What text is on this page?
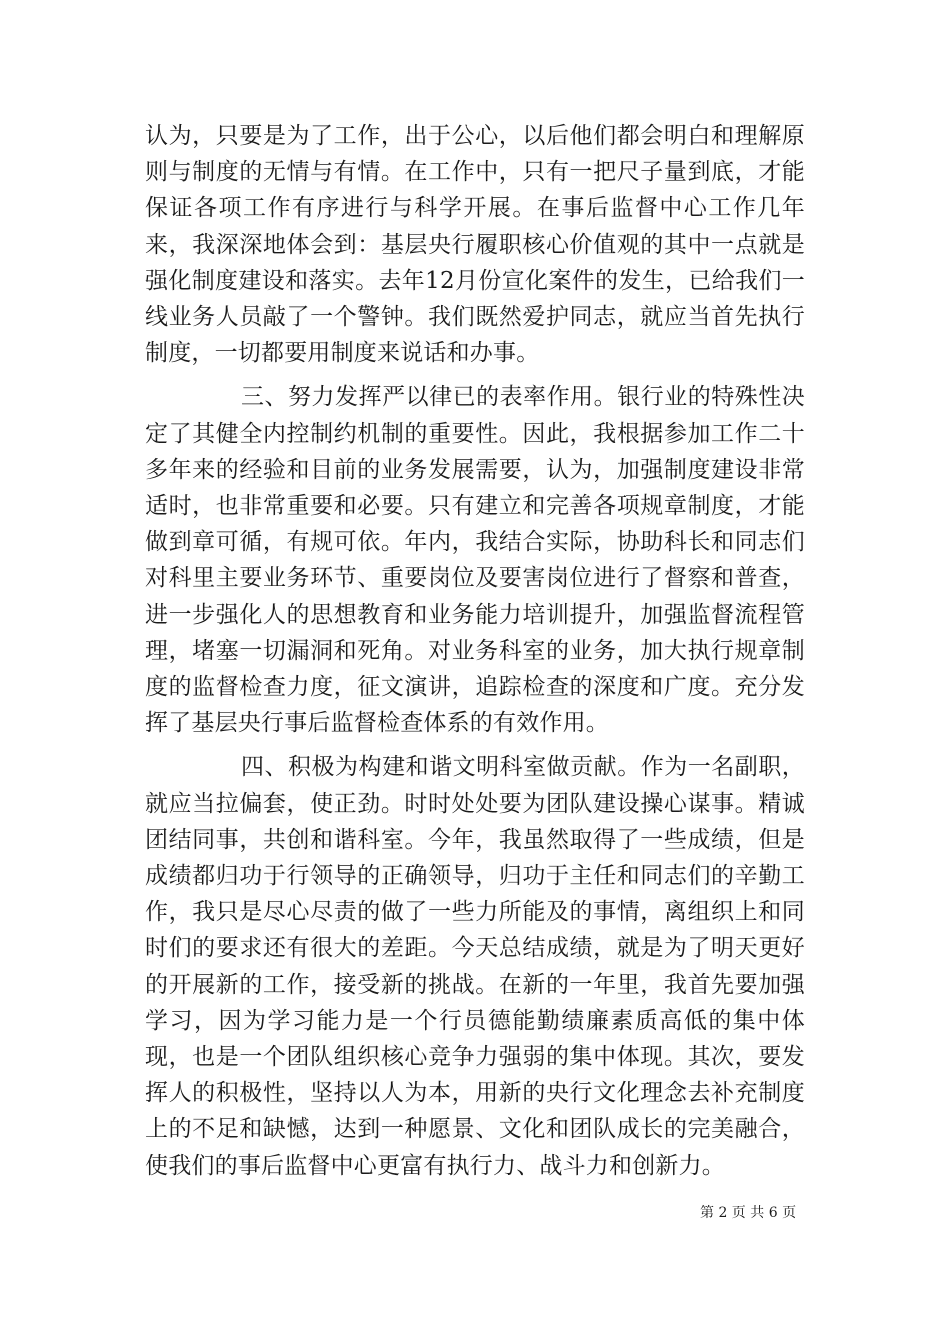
认为，只要是为了工作，出于公心，以后他们都会明白和理解原则与制度的无情与有情。在工作中，只有一把尺子量到底，才能保证各项工作有序进行与科学开展。在事后监督中心工作几年来，我深深地体会到：基层央行履职核心价值观的其中一点就是强化制度建设和落实。去年12月份宣化案件的发生，已给我们一线业务人员敲了一个警钟。我们既然爱护同志，就应当首先执行制度，一切都要用制度来说话和办事。

三、努力发挥严以律已的表率作用。银行业的特殊性决定了其健全内控制约机制的重要性。因此，我根据参加工作二十多年来的经验和目前的业务发展需要，认为，加强制度建设非常适时，也非常重要和必要。只有建立和完善各项规章制度，才能做到章可循，有规可依。年内，我结合实际，协助科长和同志们对科里主要业务环节、重要岗位及要害岗位进行了督察和普查，进一步强化人的思想教育和业务能力培训提升，加强监督流程管理，堵塞一切漏洞和死角。对业务科室的业务，加大执行规章制度的监督检查力度，征文演讲，追踪检查的深度和广度。充分发挥了基层央行事后监督检查体系的有效作用。

四、积极为构建和谐文明科室做贡献。作为一名副职，就应当拉偏套，使正劲。时时处处要为团队建设操心谋事。精诚团结同事，共创和谐科室。今年，我虽然取得了一些成绩，但是成绩都归功于行领导的正确领导，归功于主任和同志们的辛勤工作，我只是尽心尽责的做了一些力所能及的事情，离组织上和同时们的要求还有很大的差距。今天总结成绩，就是为了明天更好的开展新的工作，接受新的挑战。在新的一年里，我首先要加强学习，因为学习能力是一个行员德能勤绩廉素质高低的集中体现，也是一个团队组织核心竞争力强弱的集中体现。其次，要发挥人的积极性，坚持以人为本，用新的央行文化理念去补充制度上的不足和缺憾，达到一种愿景、文化和团队成长的完美融合，使我们的事后监督中心更富有执行力、战斗力和创新力。

第 2 页 共 6 页
